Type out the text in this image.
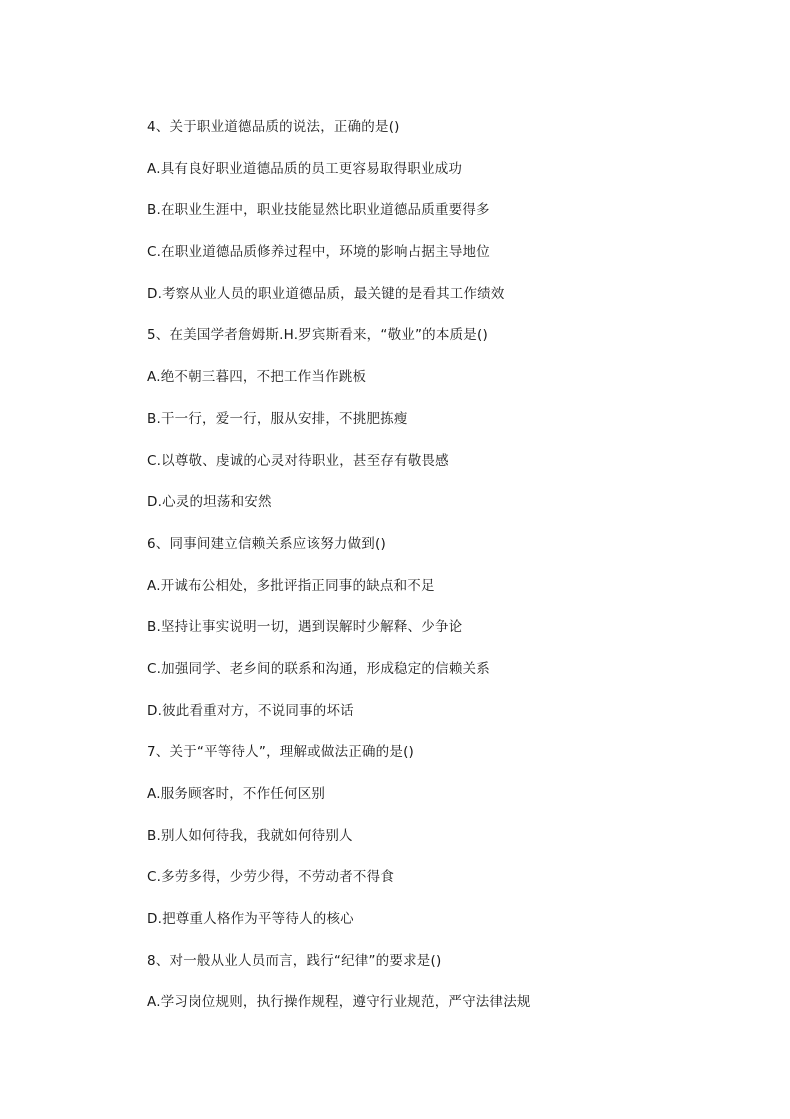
4、关于职业道德品质的说法，正确的是()
A.具有良好职业道德品质的员工更容易取得职业成功
B.在职业生涯中，职业技能显然比职业道德品质重要得多
C.在职业道德品质修养过程中，环境的影响占据主导地位
D.考察从业人员的职业道德品质，最关键的是看其工作绩效
5、在美国学者詹姆斯.H.罗宾斯看来，“敬业”的本质是()
A.绝不朝三暮四，不把工作当作跳板
B.干一行，爱一行，服从安排，不挑肥拣瘦
C.以尊敬、虔诚的心灵对待职业，甚至存有敬畏感
D.心灵的坦荡和安然
6、同事间建立信赖关系应该努力做到()
A.开诚布公相处，多批评指正同事的缺点和不足
B.坚持让事实说明一切，遇到误解时少解释、少争论
C.加强同学、老乡间的联系和沟通，形成稳定的信赖关系
D.彼此看重对方，不说同事的坏话
7、关于“平等待人”，理解或做法正确的是()
A.服务顾客时，不作任何区别
B.别人如何待我，我就如何待别人
C.多劳多得，少劳少得，不劳动者不得食
D.把尊重人格作为平等待人的核心
8、对一般从业人员而言，践行“纪律”的要求是()
A.学习岗位规则，执行操作规程，遵守行业规范，严守法律法规
